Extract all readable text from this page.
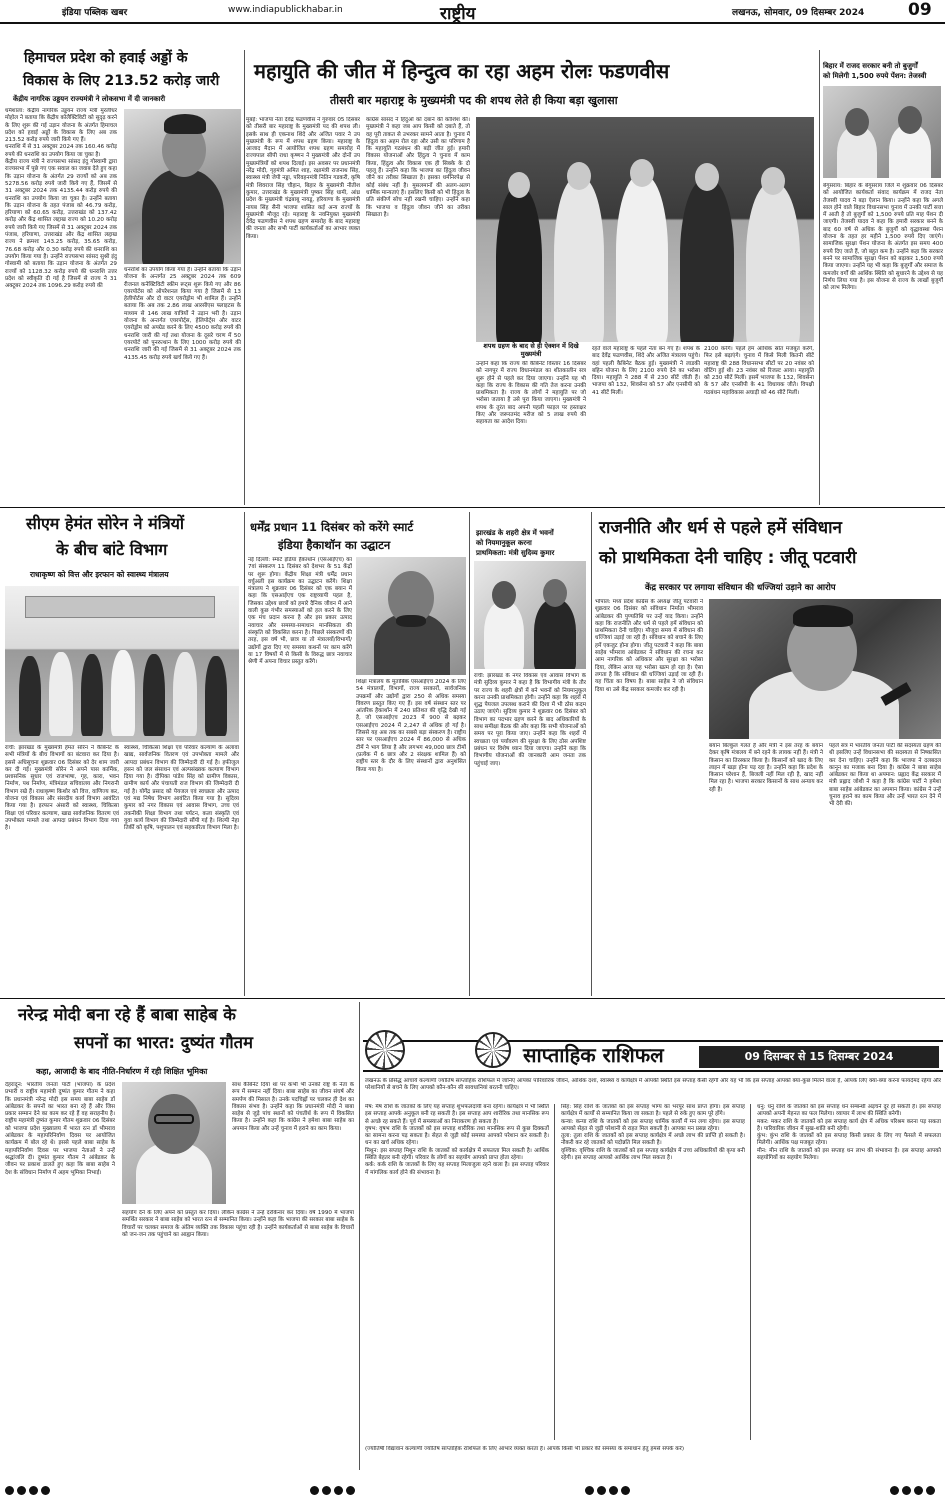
इंडिया पब्लिक खबर	www.indiapublickhabar.in	राष्ट्रीय	लखनऊ, सोमवार, 09 दिसम्बर 2024	09
हिमाचल प्रदेश को हवाई अड्डों के
विकास के लिए 213.52 करोड़ जारी
केंद्रीय नागरिक उड्डयन राज्यमंत्री ने लोकसभा में दी जानकारी
धर्मशाला: केंद्रीय नागरिक उड्डयन राज्य मंत्री मुरलीधर मोहोल ने बताया कि केंद्रीय कोलैक्टिविटी को सुदृढ़ करने के लिए शुरू की गई उड़ान योजना के अंतर्गत हिमाचल प्रदेश को हवाई अड्डों के विकास के लिए अब तक 213.52 करोड़ रुपये जारी किये गए हैं।
धनराशि में से 31 अक्टूबर 2024 तक 160.46 करोड़ रुपये की धनराशि का उपयोग किया जा चुका है।
केंद्रीय राज्य मंत्री ने राज्यसभा सांसद इंदु गोस्वामी द्वारा राज्यसभा में पूछे गए एक सवाल का जवाब देते हुए कहा कि उड़ान योजना के अंतर्गत 29 राज्यों को अब तक 5278.56 करोड़ रुपये जारी किये गए हैं, जिसमें से 31 अक्टूबर 2024 तक 4135.44 करोड़ रुपये की धनराशि का उपयोग किया जा चुका है। उन्होंने बताया कि उड़ान योजना के तहत पंजाब को 46.79 करोड़, हरियाणा को 60.65 करोड़, उत्तराखंड को 137.42 करोड़ और केंद्र शासित लद्दाख राज्य को 10.20 करोड़ रुपये जारी किये गए जिसमें से 31 अक्टूबर 2024 तक पंजाब, हरियाणा, उत्तराखंड और केंद्र शासित लद्दाख राज्य ने क्रमशः 143.25 करोड़, 35.65 करोड़, 76.68 करोड़ और 0.30 करोड़ रुपये की धनराशि का उपयोग किया गया है। उन्होंने राज्यसभा सांसद सुश्री इंदु गोस्वामी को बताया कि उड़ान योजना के अंतर्गत 29 राज्यों को 1128.32 करोड़ रुपये की धनराशि उत्तर प्रदेश को स्वीकृति दी गई है जिसमें से राज्य ने 31 अक्टूबर 2024 तक 1096.29 करोड़ रुपये की
धनराशि का उपयोग किया गया है। उन्होंने बताया कि उड़ान योजना के अन्तर्गत 25 अक्टूबर 2024 तक 609 रीजनल कनेक्टिविटी स्कीम रूट्स शुरू किये गए और 86 एयरपोर्टस को ऑपरेशनल किया गया है जिसमें से 13 हेलीपोर्टस और दो वाटर एयरोड्रोम भी शामिल हैं। उन्होंने बताया कि अब तक 2.86 लाख आरसीएस फ्लाइटस के माध्यम से 146 लाख यात्रियों ने उड़ान भरी है। उड़ान योजना के अन्तर्गत एयरपोर्ट्स, हेलिपोर्ट्स और वाटर एयरोड्रोम को अपग्रेड करने के लिए 4500 करोड़ रुपये की धनराशि जारी की गई तथा योजना के दूसरे चरण में 50 एयरपोर्ट को पुनरुत्थान के लिए 1000 करोड़ रुपये की धनराशि जारी की गई जिसमें से 31 अक्टूबर 2024 तक 4135.45 करोड़ रुपये खर्च किये गए हैं।
महायुति की जीत में हिन्दुत्व का रहा अहम रोलः फडणवीस
तीसरी बार महाराष्ट्र के मुख्यमंत्री पद की शपथ लेते ही किया बड़ा खुलासा
मुंबई: भाजपा नेता देवेंद्र फडणवीस ने गुरुवार 05 दिसंबर को तीसरी बार महाराष्ट्र के मुख्यमंत्री पद की शपथ ली। इसके साथ ही एकनाथ शिंदे और अजित पवार ने उप मुख्यमंत्री के रूप में शपथ ग्रहण किया। महाराष्ट्र के आजाद मैदान में आयोजित शपथ ग्रहण समारोह में राज्यपाल सीपी राधा कृष्णन ने मुख्यमंत्री और दोनों उप मुख्यमंत्रियों को शपथ दिलाई। इस अवसर पर प्रधानमंत्री नरेंद्र मोदी, गृहमंत्री अमित शाह, रक्षामंत्री राजनाथ सिंह, स्वास्थ्य मंत्री जेपी नड्डा, परिवहनमंत्री नितिन गडकरी, कृषि मंत्री शिवराज सिंह चौहान, बिहार के मुख्यमंत्री नीतीश कुमार, उत्तराखंड के मुख्यमंत्री पुष्कर सिंह धामी, आंध्र प्रदेश के मुख्यमंत्री चंद्रबाबू नायडू, हरियाणा के मुख्यमंत्री नायब सिंह सैनी भाजपा शासित कई अन्य राज्यों के मुख्यमंत्री मौजूद रहे। महाराष्ट्र के नवनियुक्त मुख्यमंत्री देवेंद्र फडणवीस ने शपथ ग्रहण समारोह के बाद महाराष्ट्र की जनता और सभी पार्टी कार्यकर्ताओं का आभार व्यक्त किया।
कांग्रेस सांसद ने हिंदुओं को दबाने की कोशिश की। मुख्यमंत्री ने कहा जब आप किसी को दबाते हैं, तो वह पूरी ताकत से उभरकर सामने आता है। चुनाव में हिंदुत्व का अहम रोल रहा और उसी का परिणाम है कि महायुति गठबंधन की बड़ी जीत हुई। हमारी विकास योजनाओं और हिंदुत्व ने चुनाव में काम किया, हिंदुत्व और विकास एक ही सिक्के के दो पहलू हैं। उन्होंने कहा कि भाजपा का हिंदुत्व जीवन जीने का तरीका सिखाता है। इसका धर्मनिरपेक्ष से कोई संबंध नहीं है। मुसलमानों की अलग-अलग धार्मिक मान्यताएं हैं। इसलिए किसी को भी हिंदुत्व के प्रति संकीर्ण सोच नहीं रखनी चाहिए। उन्होंने कहा कि भाजपा व हिंदुत्व जीवन जीने का तरीका सिखाता है।
शपथ ग्रहण के बाद से ही ऐक्शन में दिखे मुख्यमंत्री
उन्होंने कहा कि राज्य की कैबिनेट विस्तार 16 दिसंबर को नागपुर में राज्य विधानमंडल का शीतकालीन सत्र शुरू होने से पहले कर दिया जाएगा। उन्होंने यह भी कहा कि राज्य के विकास की गति तेज करना उनकी प्राथमिकता है। राज्य के लोगों ने महायुति पर जो भरोसा जताया है उसे पूरा किया जाएगा। मुख्यमंत्री ने शपथ के तुरंत बाद अपनी पहली फाइल पर हस्ताक्षर किए और जरूरतमंद मरीज को 5 लाख रुपये की सहायता का आदेश दिया।
रहते वाले महाराष्ट्र के पहले नेता बन गए हैं। शपथ के बाद देवेंद्र फडणवीस, शिंदे और अजित मंत्रालय पहुंचे। वहां पहली कैबिनेट बैठक हुई। मुख्यमंत्री ने लाडकी बहिन योजना के लिए 2100 रुपये देने का भरोसा दिया। महायुति ने 288 में से 230 सीटें जीती हैं। भाजपा को 132, शिवसेना को 57 और एनसीपी को 41 सीटें मिलीं।
2100 करेंगे। पहले हम आर्थिक स्रोत मजबूत करेंगे, फिर इसे बढ़ाएंगे। चुनाव में किसे मिली कितनी सीटें महाराष्ट्र की 288 विधानसभा सीटों पर 20 नवंबर को वोटिंग हुई थी। 23 नवंबर को रिजल्ट आया। महायुति को 230 सीटें मिलीं। इसमें भाजपा के 132, शिवसेना के 57 और एनसीपी के 41 विधायक जीते। विपक्षी गठबंधन महाविकास अघाड़ी को 46 सीटें मिलीं।
बिहार में राजद सरकार बनी तो बुजुर्गों
को मिलेगी 1,500 रुपये पेंशन: तेजस्वी
बेगूसराय: बिहार के बेगूसराय जिले में शुक्रवार 06 दिसंबर को आयोजित कार्यकर्ता संवाद कार्यक्रम में राजद नेता तेजस्वी यादव ने बड़ा ऐलान किया। उन्होंने कहा कि अगले साल होने वाले बिहार विधानसभा चुनाव में उनकी पार्टी सत्ता में आती है तो बुजुर्गों को 1,500 रुपये प्रति माह पेंशन दी जाएगी। तेजस्वी यादव ने कहा कि हमारी सरकार बनने के बाद 60 वर्ष से अधिक के बुजुर्गों को वृद्धावस्था पेंशन योजना के तहत हर महीने 1,500 रुपये दिए जाएंगे। सामाजिक सुरक्षा पेंशन योजना के अंतर्गत इस समय 400 रुपये दिए जाते हैं, जो बहुत कम है। उन्होंने कहा कि सरकार बनने पर सामाजिक सुरक्षा पेंशन को बढ़ाकर 1,500 रुपये किया जाएगा। उन्होंने यह भी कहा कि बुजुर्गों और समाज के कमजोर वर्गों की आर्थिक स्थिति को सुधारने के उद्देश्य से यह निर्णय लिया गया है। इस योजना से राज्य के लाखों बुजुर्गों को लाभ मिलेगा।
सीएम हेमंत सोरेन ने मंत्रियों
के बीच बांटे विभाग
राधाकृष्ण को वित्त और इरफान को स्वास्थ्य मंत्रालय
रांची: झारखंड के मुख्यमंत्री हेमंत सोरेन ने कैबिनेट के सभी मंत्रियों के बीच विभागों का बंटवारा कर दिया है। इससे अधिसूचना शुक्रवार 06 दिसंबर को देर शाम जारी कर दी गई। मुख्यमंत्री सोरेन ने अपने पास कार्मिक, प्रशासनिक सुधार एवं राजभाषा, गृह, कारा, भवन निर्माण, पथ निर्माण, मंत्रिमंडल सचिवालय और निगरानी विभाग रखे हैं। राधाकृष्ण किशोर को वित्त, वाणिज्य कर, योजना एवं विकास और संसदीय कार्य विभाग आवंटित किया गया है। इरफान अंसारी को स्वास्थ्य, चिकित्सा शिक्षा एवं परिवार कल्याण, खाद्य सार्वजनिक वितरण एवं उपभोक्ता मामले तथा आपदा प्रबंधन विभाग दिया गया है।
स्वास्थ्य, चिकित्सा शिक्षा एवं परिवार कल्याण के अलावा खाद्य, सार्वजनिक वितरण एवं उपभोक्ता मामले और आपदा प्रबंधन विभाग की जिम्मेदारी दी गई है। हफीजुल हसन को जल संसाधन एवं अल्पसंख्यक कल्याण विभाग दिया गया है। दीपिका पांडेय सिंह को ग्रामीण विकास, ग्रामीण कार्य और पंचायती राज विभाग की जिम्मेदारी दी गई है। योगेंद्र प्रसाद को पेयजल एवं स्वच्छता और उत्पाद एवं मद्य निषेध विभाग आवंटित किया गया है। सुदिव्य कुमार को नगर विकास एवं आवास विभाग, उच्च एवं तकनीकी शिक्षा विभाग तथा पर्यटन, कला संस्कृति एवं युवा कार्य विभाग की जिम्मेदारी सौंपी गई है। शिल्पी नेहा तिर्की को कृषि, पशुपालन एवं सहकारिता विभाग मिला है।
धर्मेंद्र प्रधान 11 दिसंबर को करेंगे स्मार्ट
इंडिया हैकाथॉन का उद्घाटन
नई दिल्ली: स्मार्ट इंडिया हैकाथॉन (एसआईएच) का 7वां संस्करण 11 दिसंबर को देशभर के 51 केंद्रों पर शुरू होगा। केंद्रीय शिक्षा मंत्री धर्मेंद्र प्रधान वर्चुअली इस कार्यक्रम का उद्घाटन करेंगे। शिक्षा मंत्रालय ने शुक्रवार 06 दिसंबर को एक बयान में कहा कि एसआईएच एक राष्ट्रव्यापी पहल है, जिसका उद्देश्य छात्रों को हमारे दैनिक जीवन में आने वाली कुछ गंभीर समस्याओं को हल करने के लिए एक मंच प्रदान करना है और इस प्रकार उत्पाद नवाचार और समस्या-समाधान मानसिकता की संस्कृति को विकसित करना है। पिछले संस्करणों की तरह, इस वर्ष भी, छात्र या तो मंत्रालयों/विभागों/उद्योगों द्वारा दिए गए समस्या कथनों पर काम करेंगे या 17 विषयों में से किसी के विरुद्ध छात्र नवाचार श्रेणी में अपना विचार प्रस्तुत करेंगे।
शिक्षा मंत्रालय के मुताबिक एसआईएच 2024 के लिए 54 मंत्रालयों, विभागों, राज्य सरकारों, सार्वजनिक उपक्रमों और उद्योगों द्वारा 250 से अधिक समस्या विवरण प्रस्तुत किए गए हैं। इस वर्ष संस्थान स्तर पर आंतरिक हैकाथॉन में 240 प्रतिशत की वृद्धि देखी गई है, जो एसआईएच 2023 में 900 से बढ़कर एसआईएच 2024 में 2,247 से अधिक हो गई है। जिससे यह अब तक का सबसे बड़ा संस्करण है। राष्ट्रीय स्तर पर एसआईएच 2024 में 86,000 से अधिक टीमें ने भाग लिया है और लगभग 49,000 छात्र टीमों (प्रत्येक में 6 छात्र और 2 संरक्षक शामिल हैं) को राष्ट्रीय स्तर के दौर के लिए संस्थानों द्वारा अनुशंसित किया गया है।
झारखंड के शहरी क्षेत्र में भवनों
को नियमानुकूल करना
प्राथमिकता: मंत्री सुदिव्य कुमार
रांची: झारखंड के नगर विकास एवं आवास विभाग के मंत्री सुदिव्य कुमार ने कहा है कि विभागीय मंत्री के तौर पर राज्य के शहरी क्षेत्रों में बने भवनों को नियमानुकूल करना उनकी प्राथमिकता होगी। उन्होंने कहा कि शहरों में शुद्ध पेयजल उपलब्ध कराने की दिशा में भी ठोस कदम उठाए जाएंगे। सुदिव्य कुमार ने शुक्रवार 06 दिसंबर को विभाग का पदभार ग्रहण करने के बाद अधिकारियों के साथ समीक्षा बैठक की और कहा कि सभी योजनाओं को समय पर पूरा किया जाए। उन्होंने कहा कि शहरों में स्वच्छता एवं पर्यावरण की सुरक्षा के लिए ठोस अपशिष्ट प्रबंधन पर विशेष ध्यान दिया जाएगा। उन्होंने कहा कि विभागीय योजनाओं की जानकारी आम जनता तक पहुंचाई जाए।
राजनीति और धर्म से पहले हमें संविधान
को प्राथमिकता देनी चाहिए : जीतू पटवारी
केंद्र सरकार पर लगाया संविधान की धज्जियां उड़ाने का आरोप
भोपाल: मध्य प्रदेश कांग्रेस के अध्यक्ष जीतू पटवारी ने शुक्रवार 06 दिसंबर को संविधान निर्माता भीमराव आंबेडकर की पुण्यतिथि पर उन्हें याद किया। उन्होंने कहा कि राजनीति और धर्म से पहले हमें संविधान को प्राथमिकता देनी चाहिए। मौजूदा समय में संविधान की धज्जियां उड़ाई जा रही हैं। संविधान को बचाने के लिए हमें एकजुट होना होगा। जीतू पटवारी ने कहा कि बाबा साहेब भीमराव आंबेडकर ने संविधान की रचना कर आम नागरिक को अधिकार और सुरक्षा का भरोसा दिया, लेकिन आज यह भरोसा खत्म हो रहा है। ऐसा लगता है कि संविधान की धज्जियां उड़ाई जा रही हैं। यह चिंता का विषय है। बाबा साहेब ने जो संविधान दिया था उसे केंद्र सरकार कमजोर कर रही है।
बयान बिल्कुल गलत है और मंत्री ने इस तरह के बयान देकर कृषि मंत्रालय में बने रहने के लायक नहीं हैं। मंत्री ने किसान का तिरस्कार किया है। किसानों को खाद के लिए लाइन में खड़ा होना पड़ रहा है। उन्होंने कहा कि प्रदेश के किसान परेशान हैं, बिजली नहीं मिल रही है, खाद नहीं मिल रहा है। भाजपा सरकार किसानों के साथ अन्याय कर रही है।
पहले सत्र में भारतीय जनता पार्टी की सदस्यता ग्रहण की थी इसलिए उन्हें विधानसभा की सदस्यता से निष्कासित कर देना चाहिए। उन्होंने कहा कि भाजपा ने दलबदल कानून का मजाक बना दिया है। कांग्रेस ने बाबा साहेब आंबेडकर का किया था अपमान: प्रह्लाद केंद्र सरकार में मंत्री प्रह्लाद जोशी ने कहा है कि कांग्रेस पार्टी ने हमेशा बाबा साहेब आंबेडकर का अपमान किया। कांग्रेस ने उन्हें चुनाव हराने का काम किया और उन्हें भारत रत्न देने में भी देरी की।
नरेन्द्र मोदी बना रहे हैं बाबा साहेब के
सपनों का भारत: दुष्यंत गौतम
कहा, आजादी के बाद नीति-निर्धारण में रही शिक्षित भूमिका
देहरादून: भारतीय जनता पार्टी (भाजपा) के प्रदेश प्रभारी व राष्ट्रीय महामंत्री दुष्यंत कुमार गौतम ने कहा कि प्रधानमंत्री नरेन्द्र मोदी इस समय बाबा साहेब डॉ आंबेडकर के सपनों का भारत बना रहे हैं और जिस प्रकार सम्मान देने का काम कर रहे हैं वह सराहनीय है। राष्ट्रीय महामंत्री दुष्यंत कुमार गौतम शुक्रवार 06 दिसंबर को भाजपा प्रदेश मुख्यालय में भारत रत्न डॉ भीमराव आंबेडकर के महापरिनिर्वाण दिवस पर आयोजित कार्यक्रम में बोल रहे थे। इससे पहले बाबा साहेब के महापरिनिर्वाण दिवस पर भाजपा नेताओं ने उन्हें श्रद्धांजलि दी। दुष्यंत कुमार गौतम ने आंबेडकर के जीवन पर प्रकाश डालते हुए कहा कि बाबा साहेब ने देश के संविधान निर्माण में अहम भूमिका निभाई।
साथ कैबिनेट दिया था पर कभी भी उनको राष्ट्र के नेता के रूप में सम्मान नहीं दिया। बाबा साहेब का जीवन संघर्ष और समर्पण की मिसाल है। उनके पदचिह्नों पर चलकर ही देश का विकास संभव है। उन्होंने कहा कि प्रधानमंत्री मोदी ने बाबा साहेब से जुड़े पांच स्थानों को पंचतीर्थ के रूप में विकसित किया है। उन्होंने कहा कि कांग्रेस ने हमेशा बाबा साहेब का अपमान किया और उन्हें चुनाव में हराने का काम किया।
सहयोग देने के लिए अपने को प्रस्तुत कर दिया। लेकिन कांग्रेस ने उन्हें दरकिनार कर दिया। वर्ष 1990 में भाजपा समर्थित सरकार ने बाबा साहेब को भारत रत्न से सम्मानित किया। उन्होंने कहा कि भाजपा की सरकार बाबा साहेब के विचारों पर चलकर समाज के अंतिम व्यक्ति तक विकास पहुंचा रही है। उन्होंने कार्यकर्ताओं से बाबा साहेब के विचारों को जन-जन तक पहुंचाने का आह्वान किया।
साप्ताहिक राशिफल	09 दिसम्बर से 15 दिसम्बर 2024
लखनऊ के प्रसिद्ध आचार्य कल्याणी ज्योतिष साप्ताहिक राशिफल में जानिए आपका पारिवारिक जीवन, आर्थिक दशा, स्वास्थ्य व कार्यक्षेत्र में आपकी स्थिति इस सप्ताह कैसी रहेगी और यह भी कि इस सप्ताह आपको क्या-कुछ मिलने वाला है, आपके लिए क्या-क्या करना फायदेमंद रहेगा और परेशानियों से बचने के लिए आपको कौन-कौन सी सावधानियां बरतनी चाहिए।
मेष: मेष राशि के जातकों के लिए यह सप्ताह शुभफलदायी बना रहेगा। कार्यक्षेत्र में भी स्थिति इस सप्ताह आपके अनुकूल बनी रह सकती है। इस सप्ताह आप शारीरिक तथा मानसिक रूप से अच्छे रह सकते हैं। पूर्व में समस्याओं का निराकरण हो सकता है।
वृषभ: वृषभ राशि के जातकों को इस सप्ताह शारीरिक तथा मानसिक रूप से कुछ दिक्कतों का सामना करना पड़ सकता है। सेहत से जुड़ी कोई समस्या आपको परेशान कर सकती है। धन का खर्च अधिक रहेगा।
मिथुन: इस सप्ताह मिथुन राशि के जातकों को कार्यक्षेत्र में सफलता मिल सकती है। आर्थिक स्थिति बेहतर बनी रहेगी। परिवार के लोगों का सहयोग आपको प्राप्त होता रहेगा।
कर्क: कर्क राशि के जातकों के लिए यह सप्ताह मिलाजुला रहने वाला है। इस सप्ताह परिवार में मांगलिक कार्य होने की संभावना है।
सिंह: सिंह राशि के जातकों को इस सप्ताह भाग्य का भरपूर साथ प्राप्त होगा। इस सप्ताह कार्यक्षेत्र में कार्यों से सम्मानित किया जा सकता है। पहले से रुके हुए काम पूरे होंगे।
कन्या: कन्या राशि के जातकों को इस सप्ताह धार्मिक कार्यों में मन लगा रहेगा। इस सप्ताह आपको सेहत से जुड़ी परेशानी से राहत मिल सकती है। आपका मन प्रसन्न रहेगा।
तुला: तुला राशि के जातकों को इस सप्ताह कार्यक्षेत्र में अच्छे लाभ की प्राप्ति हो सकती है। नौकरी कर रहे जातकों को पदोन्नति मिल सकती है।
वृश्चिक: वृश्चिक राशि के जातकों को इस सप्ताह कार्यक्षेत्र में उच्च अधिकारियों की कृपा बनी रहेगी। इस सप्ताह आपको आर्थिक लाभ मिल सकता है।
धनु: धनु राशि के जातकों को इस सप्ताह धन सम्बन्धी अड़चनें दूर हो सकती हैं। इस सप्ताह आपको अपनी मेहनत का फल मिलेगा। व्यापार में लाभ की स्थिति बनेगी।
मकर: मकर राशि के जातकों को इस सप्ताह कार्य क्षेत्र में अधिक परिश्रम करना पड़ सकता है। पारिवारिक जीवन में सुख-शांति बनी रहेगी।
कुंभ: कुंभ राशि के जातकों को इस सप्ताह किसी प्रकार के लिए गए फैसले में सफलता मिलेगी। आर्थिक पक्ष मजबूत रहेगा।
मीन: मीन राशि के जातकों को इस सप्ताह धन लाभ की संभावना है। इस सप्ताह आपको सहयोगियों का सहयोग मिलेगा।
(ज्योतिषी विद्यावान कल्याणी ज्योतिष साप्ताहिक राशिफल के लिए आभार व्यक्त करता है। आपके किसी भी प्रकार की समस्या के समाधान हेतु हमसे संपर्क करें)
